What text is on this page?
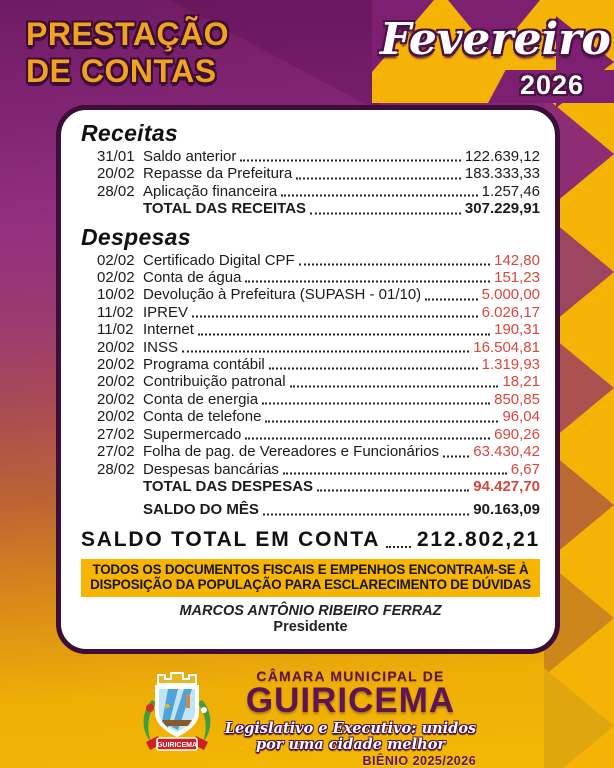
PRESTAÇÃO
DE CONTAS
Fevereiro
2026
Receitas
31/01 Saldo anterior	122.639,12
20/02 Repasse da Prefeitura	183.333,33
28/02 Aplicação financeira	1.257,46
TOTAL DAS RECEITAS	307.229,91
Despesas
02/02 Certificado Digital CPF	142,80
02/02 Conta de água	151,23
10/02 Devolução à Prefeitura (SUPASH - 01/10)	5.000,00
11/02 IPREV	6.026,17
11/02 Internet	190,31
20/02 INSS	16.504,81
20/02 Programa contábil	1.319,93
20/02 Contribuição patronal	18,21
20/02 Conta de energia	850,85
20/02 Conta de telefone	96,04
27/02 Supermercado	690,26
27/02 Folha de pag. de Vereadores e Funcionários 63.430,42
28/02 Despesas bancárias	6,67
TOTAL DAS DESPESAS	94.427,70
SALDO DO MÊS	90.163,09
SALDO TOTAL EM CONTA 212.802,21
TODOS OS DOCUMENTOS FISCAIS E EMPENHOS ENCONTRAM-SE À
DISPOSIÇÃO DA POPULAÇÃO PARA ESCLARECIMENTO DE DÚVIDAS
MARCOS ANTÔNIO RIBEIRO FERRAZ
Presidente
GUIRICEMA
CÂMARA MUNICIPAL DE
GUIRICEMA
Legislativo e Executivo: unidos
por uma cidade melhor
BIÊNIO 2025/2026
